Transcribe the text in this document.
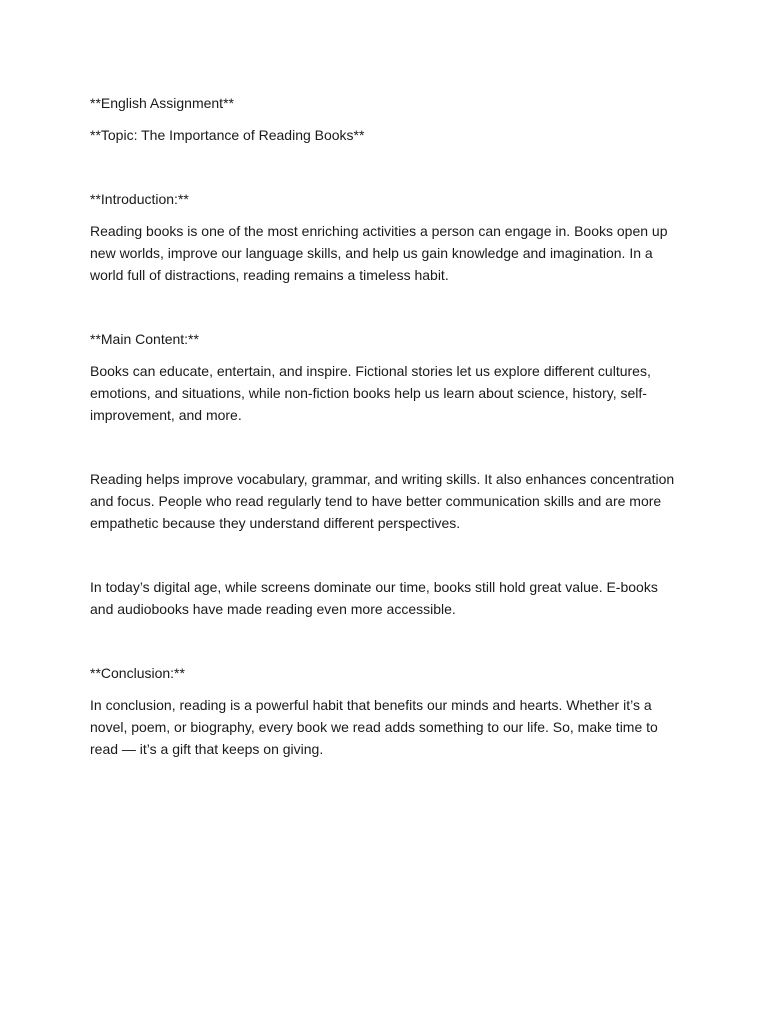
**English Assignment**

**Topic: The Importance of Reading Books**

**Introduction:**

Reading books is one of the most enriching activities a person can engage in. Books open up new worlds, improve our language skills, and help us gain knowledge and imagination. In a world full of distractions, reading remains a timeless habit.

**Main Content:**

Books can educate, entertain, and inspire. Fictional stories let us explore different cultures, emotions, and situations, while non-fiction books help us learn about science, history, self-improvement, and more.

Reading helps improve vocabulary, grammar, and writing skills. It also enhances concentration and focus. People who read regularly tend to have better communication skills and are more empathetic because they understand different perspectives.

In today’s digital age, while screens dominate our time, books still hold great value. E-books and audiobooks have made reading even more accessible.

**Conclusion:**

In conclusion, reading is a powerful habit that benefits our minds and hearts. Whether it’s a novel, poem, or biography, every book we read adds something to our life. So, make time to read — it’s a gift that keeps on giving.
